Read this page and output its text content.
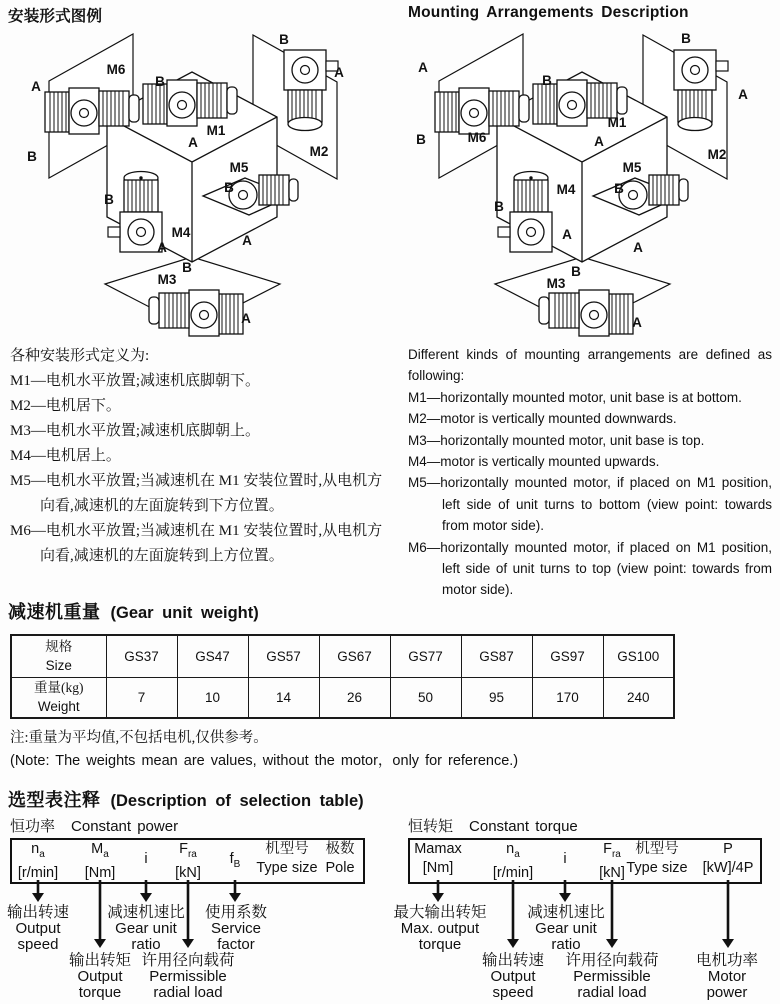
安装形式图例	Mounting Arrangements Description
M6
A
B
B
M1
A
B
A
M2
B
M4
A
M5
B
A
M3
B
A
A
B	M6
B
M1
A
B
A
M2
B
M4
A
M5
B
A
M3
B
A

各种安装形式定义为:

M1—电机水平放置;减速机底脚朝下。

M2—电机居下。

M3—电机水平放置;减速机底脚朝上。

M4—电机居上。

M5—电机水平放置;当减速机在 M1 安装位置时,从电机方向看,减速机的左面旋转到下方位置。

M6—电机水平放置;当减速机在 M1 安装位置时,从电机方向看,减速机的左面旋转到上方位置。

Different kinds of mounting arrangements are defined as following:

M1—horizontally mounted motor, unit base is at bottom.

M2—motor is vertically mounted downwards.

M3—horizontally mounted motor, unit base is top.

M4—motor is vertically mounted upwards.

M5—horizontally mounted motor, if placed on M1 position, left side of unit turns to bottom (view point: towards from motor side).

M6—horizontally mounted motor, if placed on M1 position, left side of unit turns to top (view point: towards from motor side).

减速机重量 (Gear unit weight)
规格
Size	GS37	GS47	GS57	GS67	GS77	GS87	GS97	GS100

重量(kg)
Weight	7	10	14	26	50	95	170	240
注:重量为平均值,不包括电机,仅供参考。
(Note: The weights mean are values, without the motor，only for reference.)
选型表注释 (Description of selection table)
恒功率 Constant power	恒转矩 Constant torque
$n_a$
[r/min]
$M_a$
[Nm]
i
$F_{ra}$
[kN]
$f_B$
机型号
Type size
极数
Pole
Mamax
[Nm]
$n_a$
[r/min]
i
$F_{ra}$
[kN]
机型号
Type size
P
[kW]/4P
输出转速
Output
speed
减速机速比
Gear unit
ratio
使用系数
Service
factor
输出转矩
Output
torque
许用径向载荷
Permissible
radial load
最大输出转矩
Max. output
torque
减速机速比
Gear unit
ratio
输出转速
Output
speed
许用径向载荷
Permissible
radial load
电机功率
Motor
power
